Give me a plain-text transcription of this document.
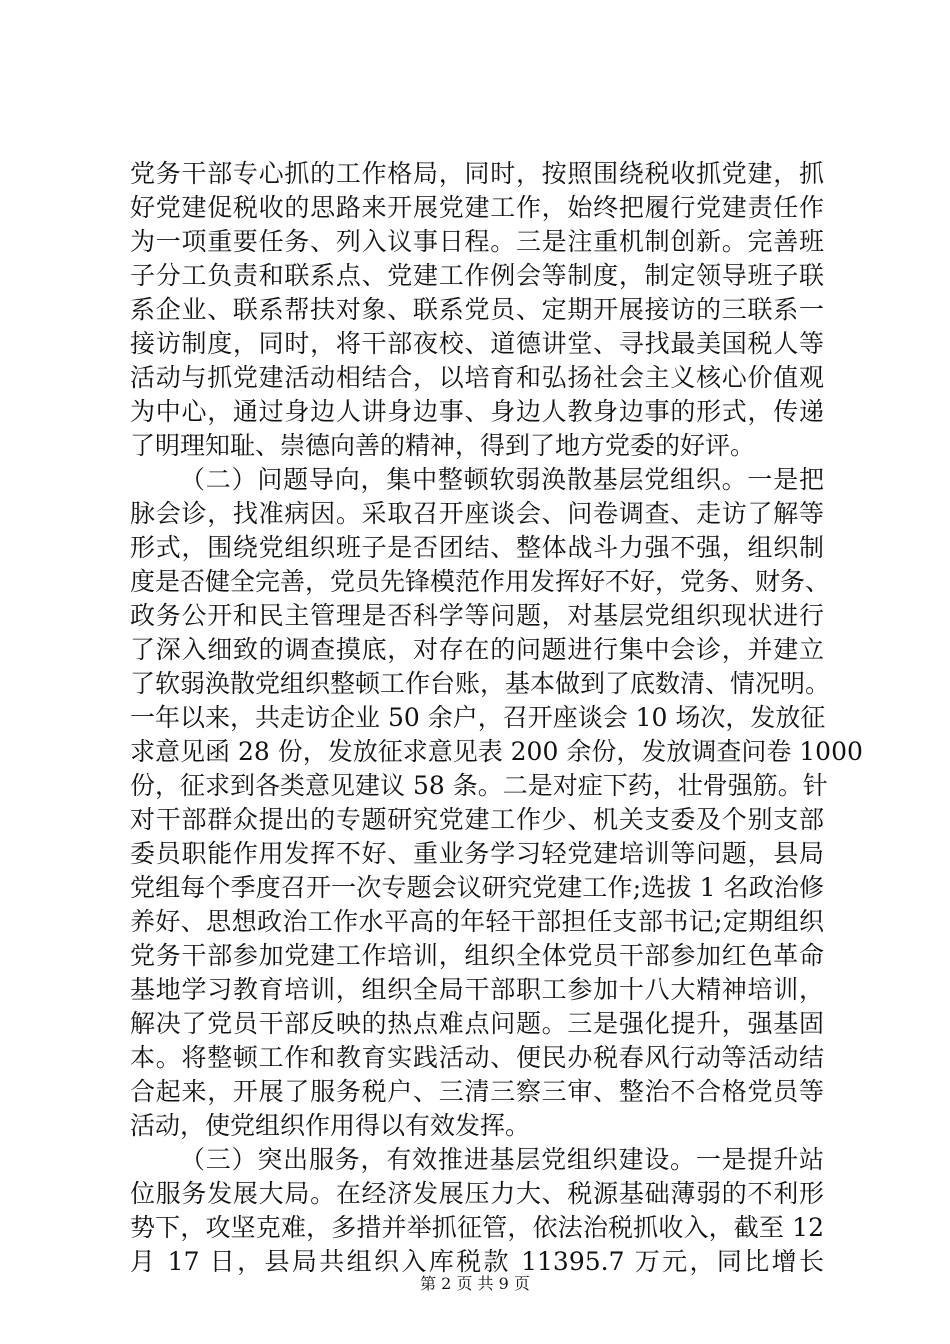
党务干部专心抓的工作格局，同时，按照围绕税收抓党建，抓
好党建促税收的思路来开展党建工作，始终把履行党建责任作
为一项重要任务、列入议事日程。三是注重机制创新。完善班
子分工负责和联系点、党建工作例会等制度，制定领导班子联
系企业、联系帮扶对象、联系党员、定期开展接访的三联系一
接访制度，同时，将干部夜校、道德讲堂、寻找最美国税人等
活动与抓党建活动相结合，以培育和弘扬社会主义核心价值观
为中心，通过身边人讲身边事、身边人教身边事的形式，传递
了明理知耻、崇德向善的精神，得到了地方党委的好评。
（二）问题导向，集中整顿软弱涣散基层党组织。一是把
脉会诊，找准病因。采取召开座谈会、问卷调查、走访了解等
形式，围绕党组织班子是否团结、整体战斗力强不强，组织制
度是否健全完善，党员先锋模范作用发挥好不好，党务、财务、
政务公开和民主管理是否科学等问题，对基层党组织现状进行
了深入细致的调查摸底，对存在的问题进行集中会诊，并建立
了软弱涣散党组织整顿工作台账，基本做到了底数清、情况明。
一年以来，共走访企业 50 余户，召开座谈会 10 场次，发放征
求意见函 28 份，发放征求意见表 200 余份，发放调查问卷 1000
份，征求到各类意见建议 58 条。二是对症下药，壮骨强筋。针
对干部群众提出的专题研究党建工作少、机关支委及个别支部
委员职能作用发挥不好、重业务学习轻党建培训等问题，县局
党组每个季度召开一次专题会议研究党建工作;选拔 1 名政治修
养好、思想政治工作水平高的年轻干部担任支部书记;定期组织
党务干部参加党建工作培训，组织全体党员干部参加红色革命
基地学习教育培训，组织全局干部职工参加十八大精神培训，
解决了党员干部反映的热点难点问题。三是强化提升，强基固
本。将整顿工作和教育实践活动、便民办税春风行动等活动结
合起来，开展了服务税户、三清三察三审、整治不合格党员等
活动，使党组织作用得以有效发挥。
（三）突出服务，有效推进基层党组织建设。一是提升站
位服务发展大局。在经济发展压力大、税源基础薄弱的不利形
势下，攻坚克难，多措并举抓征管，依法治税抓收入，截至 12
月 17 日，县局共组织入库税款 11395.7 万元，同比增长
第 2 页 共 9 页
